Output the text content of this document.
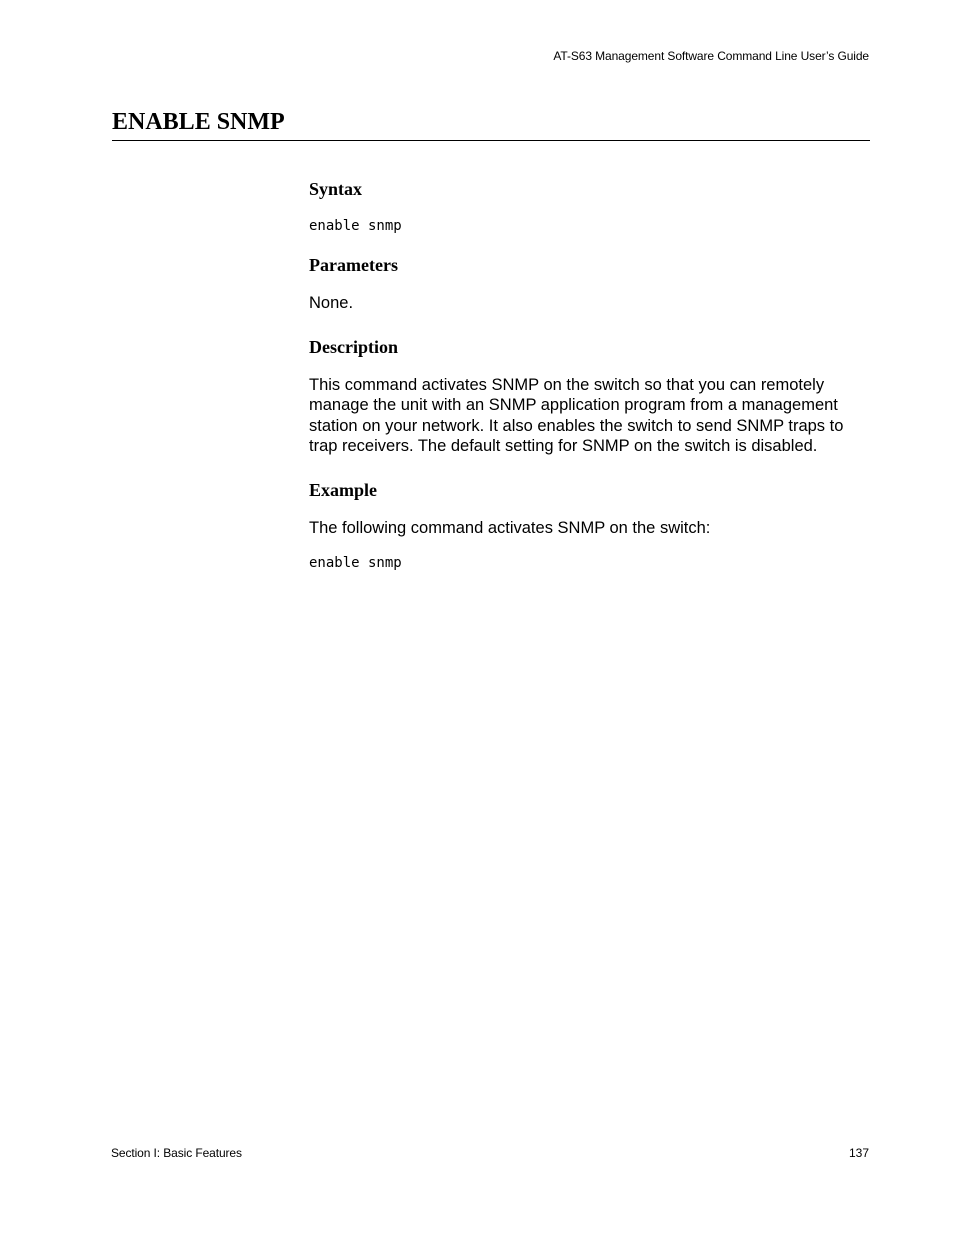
AT-S63 Management Software Command Line User’s Guide
ENABLE SNMP
Syntax
enable snmp
Parameters

None.

Description

This command activates SNMP on the switch so that you can remotely manage the unit with an SNMP application program from a management station on your network. It also enables the switch to send SNMP traps to trap receivers. The default setting for SNMP on the switch is disabled.

Example

The following command activates SNMP on the switch:

enable snmp
Section I: Basic Features	137
